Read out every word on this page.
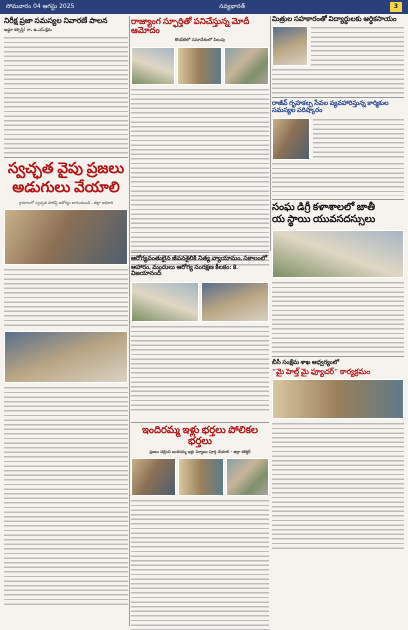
సోమవారం 04 ఆగస్టు 2025	నవ్యభారత్	3
నిరీక్ష ప్రజా సమస్యల నివారణే పాలన
అడ్డూ కల్పిస్తే! గా. ఉ.ఎస్.క్షేమ
స్వచ్ఛత వైపు ప్రజలు
అడుగులు వేయాలి
గ్రామాలలో స్వచ్ఛత పాటిస్తే ఆరోగ్యం బాగుంటుంది - జిల్లా అధికారి
రాజ్యాంగ స్ఫూర్తితో పనిచేస్తున్న మోదీ ఆమోదం
కొండేటిలో సమావేశంలో పిలుపు
మిత్రుల సహకారంతో విద్యార్థులకు ఆర్థికసాయం
రాజీవ్ గృహకల్ప సేవల వ్యవహారిస్తున్న కార్మికుల సమస్యల పరిష్కారం
సంఘ డిగ్రీ కళాశాలలో జాతీ
య స్థాయి యువసదస్సులు
బీసీ సంక్షేమ శాఖ ఆధ్వర్యంలో
"మై హెల్త్ మై ఫ్యూచర్" కార్యక్రమం
ఆరోగ్యవంతులైన జీవనశైలికి నిత్య వ్యాయామం, సకాలంలో
ఆహారం, మందులు ఆరోగ్య సంరక్షణ కీలకం: కె. విజయానంద్
ఇందిరమ్మ ఇళ్లు భర్తలు పోలికల భర్తలు
ప్రజలు చెల్లించి ఇందిరమ్మ ఇళ్లు నిర్మాణం పూర్తి చేయాలి - జిల్లా కలెక్టర్
